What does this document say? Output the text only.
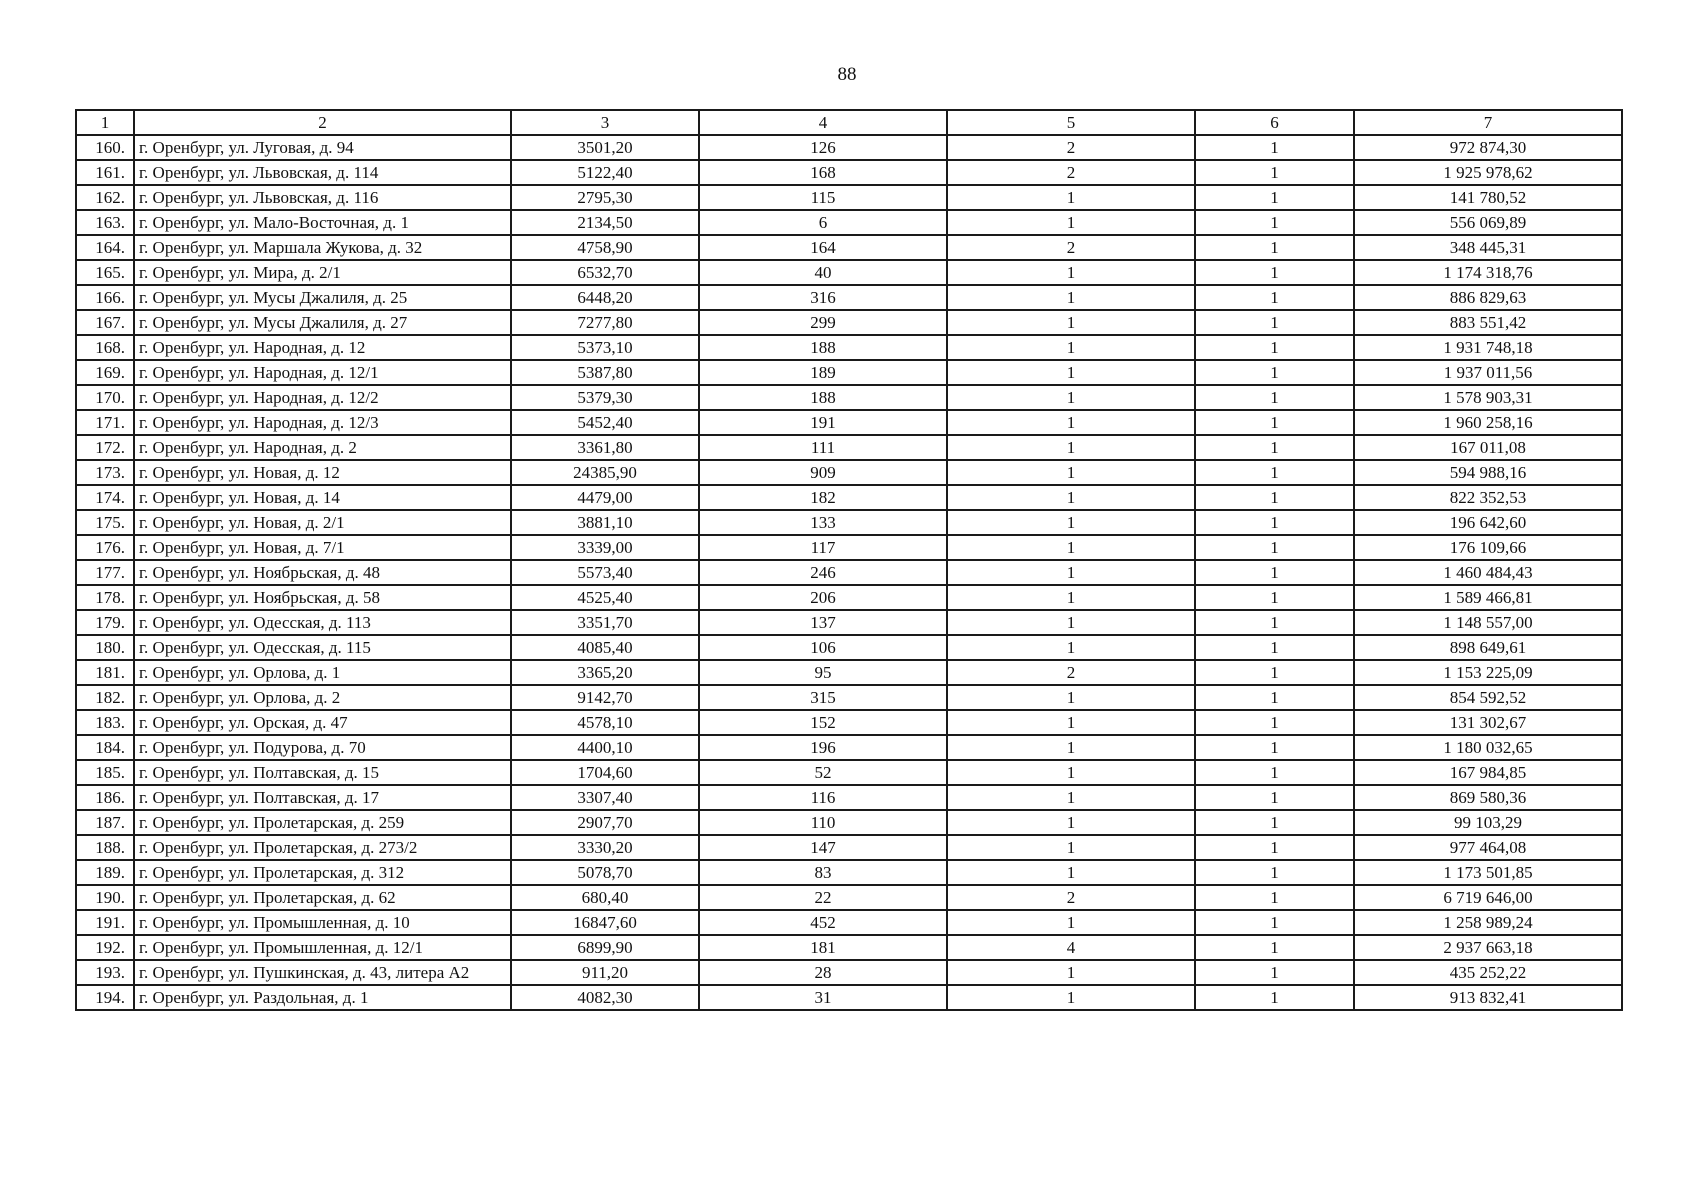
88
1	2	3	4	5	6	7
160.	г. Оренбург, ул. Луговая, д. 94	3501,20	126	2	1	972 874,30
161.	г. Оренбург, ул. Львовская, д. 114	5122,40	168	2	1	1 925 978,62
162.	г. Оренбург, ул. Львовская, д. 116	2795,30	115	1	1	141 780,52
163.	г. Оренбург, ул. Мало-Восточная, д. 1	2134,50	6	1	1	556 069,89
164.	г. Оренбург, ул. Маршала Жукова, д. 32	4758,90	164	2	1	348 445,31
165.	г. Оренбург, ул. Мира, д. 2/1	6532,70	40	1	1	1 174 318,76
166.	г. Оренбург, ул. Мусы Джалиля, д. 25	6448,20	316	1	1	886 829,63
167.	г. Оренбург, ул. Мусы Джалиля, д. 27	7277,80	299	1	1	883 551,42
168.	г. Оренбург, ул. Народная, д. 12	5373,10	188	1	1	1 931 748,18
169.	г. Оренбург, ул. Народная, д. 12/1	5387,80	189	1	1	1 937 011,56
170.	г. Оренбург, ул. Народная, д. 12/2	5379,30	188	1	1	1 578 903,31
171.	г. Оренбург, ул. Народная, д. 12/3	5452,40	191	1	1	1 960 258,16
172.	г. Оренбург, ул. Народная, д. 2	3361,80	111	1	1	167 011,08
173.	г. Оренбург, ул. Новая, д. 12	24385,90	909	1	1	594 988,16
174.	г. Оренбург, ул. Новая, д. 14	4479,00	182	1	1	822 352,53
175.	г. Оренбург, ул. Новая, д. 2/1	3881,10	133	1	1	196 642,60
176.	г. Оренбург, ул. Новая, д. 7/1	3339,00	117	1	1	176 109,66
177.	г. Оренбург, ул. Ноябрьская, д. 48	5573,40	246	1	1	1 460 484,43
178.	г. Оренбург, ул. Ноябрьская, д. 58	4525,40	206	1	1	1 589 466,81
179.	г. Оренбург, ул. Одесская, д. 113	3351,70	137	1	1	1 148 557,00
180.	г. Оренбург, ул. Одесская, д. 115	4085,40	106	1	1	898 649,61
181.	г. Оренбург, ул. Орлова, д. 1	3365,20	95	2	1	1 153 225,09
182.	г. Оренбург, ул. Орлова, д. 2	9142,70	315	1	1	854 592,52
183.	г. Оренбург, ул. Орская, д. 47	4578,10	152	1	1	131 302,67
184.	г. Оренбург, ул. Подурова, д. 70	4400,10	196	1	1	1 180 032,65
185.	г. Оренбург, ул. Полтавская, д. 15	1704,60	52	1	1	167 984,85
186.	г. Оренбург, ул. Полтавская, д. 17	3307,40	116	1	1	869 580,36
187.	г. Оренбург, ул. Пролетарская, д. 259	2907,70	110	1	1	99 103,29
188.	г. Оренбург, ул. Пролетарская, д. 273/2	3330,20	147	1	1	977 464,08
189.	г. Оренбург, ул. Пролетарская, д. 312	5078,70	83	1	1	1 173 501,85
190.	г. Оренбург, ул. Пролетарская, д. 62	680,40	22	2	1	6 719 646,00
191.	г. Оренбург, ул. Промышленная, д. 10	16847,60	452	1	1	1 258 989,24
192.	г. Оренбург, ул. Промышленная, д. 12/1	6899,90	181	4	1	2 937 663,18
193.	г. Оренбург, ул. Пушкинская, д. 43, литера А2	911,20	28	1	1	435 252,22
194.	г. Оренбург, ул. Раздольная, д. 1	4082,30	31	1	1	913 832,41
